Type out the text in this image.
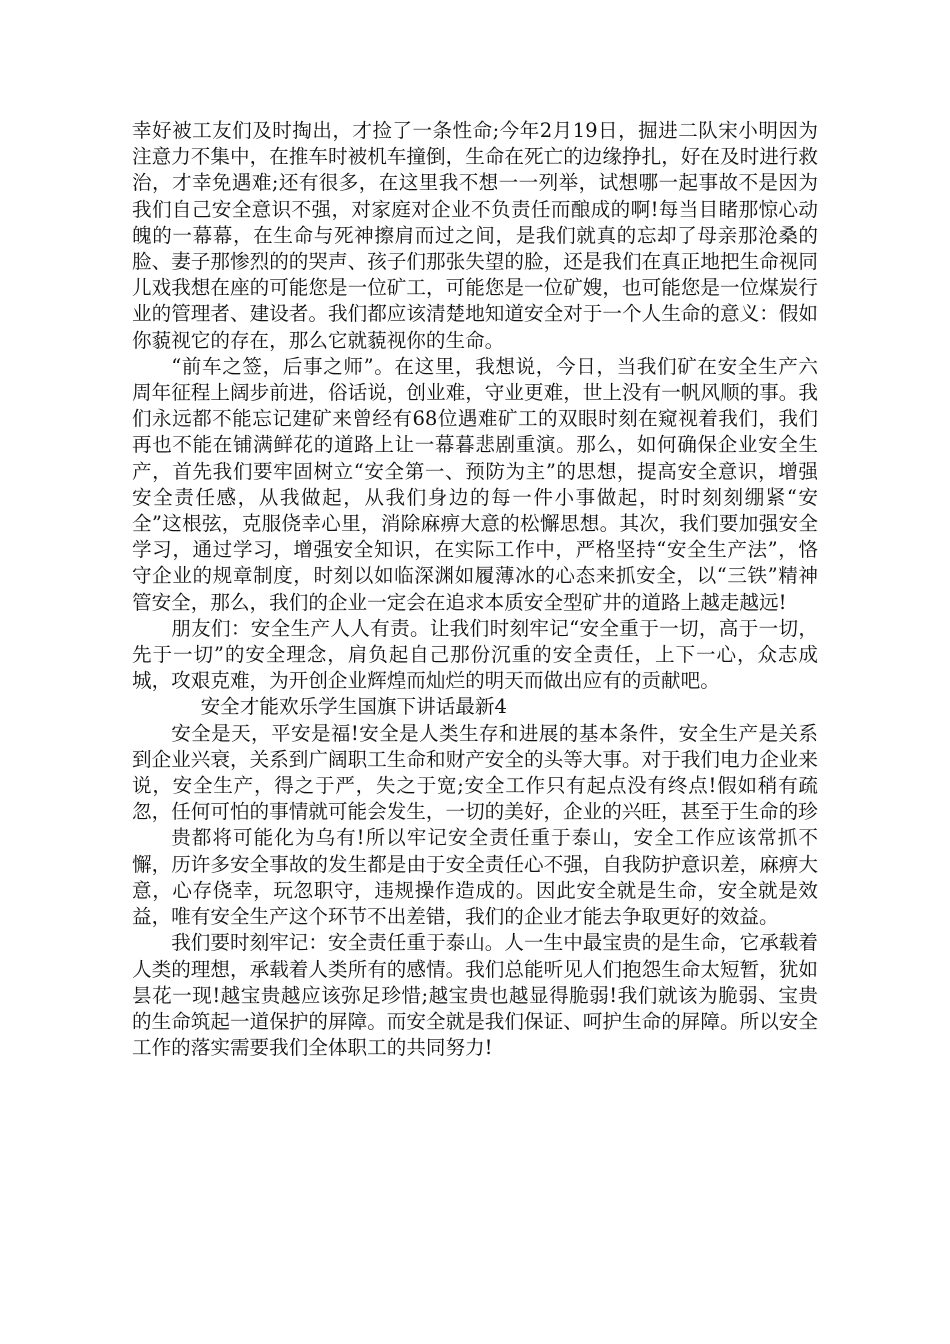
幸好被工友们及时掏出，才捡了一条性命;今年2月19日，掘进二队宋小明因为注意力不集中，在推车时被机车撞倒，生命在死亡的边缘挣扎，好在及时进行救治，才幸免遇难;还有很多，在这里我不想一一列举，试想哪一起事故不是因为我们自己安全意识不强，对家庭对企业不负责任而酿成的啊!每当目睹那惊心动魄的一幕幕，在生命与死神擦肩而过之间，是我们就真的忘却了母亲那沧桑的脸、妻子那惨烈的的哭声、孩子们那张失望的脸，还是我们在真正地把生命视同儿戏我想在座的可能您是一位矿工，可能您是一位矿嫂，也可能您是一位煤炭行业的管理者、建设者。我们都应该清楚地知道安全对于一个人生命的意义：假如你藐视它的存在，那么它就藐视你的生命。

“前车之签，后事之师”。在这里，我想说，今日，当我们矿在安全生产六周年征程上阔步前进，俗话说，创业难，守业更难，世上没有一帆风顺的事。我们永远都不能忘记建矿来曾经有68位遇难矿工的双眼时刻在窥视着我们，我们再也不能在铺满鲜花的道路上让一幕暮悲剧重演。那么，如何确保企业安全生产，首先我们要牢固树立“安全第一、预防为主”的思想，提高安全意识，增强安全责任感，从我做起，从我们身边的每一件小事做起，时时刻刻绷紧“安全”这根弦，克服侥幸心里，消除麻痹大意的松懈思想。其次，我们要加强安全学习，通过学习，增强安全知识，在实际工作中，严格坚持“安全生产法”，恪守企业的规章制度，时刻以如临深渊如履薄冰的心态来抓安全，以“三铁”精神管安全，那么，我们的企业一定会在追求本质安全型矿井的道路上越走越远!

朋友们：安全生产人人有责。让我们时刻牢记“安全重于一切，高于一切，先于一切”的安全理念，肩负起自己那份沉重的安全责任，上下一心，众志成城，攻艰克难，为开创企业辉煌而灿烂的明天而做出应有的贡献吧。

安全才能欢乐学生国旗下讲话最新4

安全是天，平安是福!安全是人类生存和进展的基本条件，安全生产是关系到企业兴衰，关系到广阔职工生命和财产安全的头等大事。对于我们电力企业来说，安全生产，得之于严，失之于宽;安全工作只有起点没有终点!假如稍有疏忽，任何可怕的事情就可能会发生，一切的美好，企业的兴旺，甚至于生命的珍

贵都将可能化为乌有!所以牢记安全责任重于泰山，安全工作应该常抓不懈，历许多安全事故的发生都是由于安全责任心不强，自我防护意识差，麻痹大意，心存侥幸，玩忽职守，违规操作造成的。因此安全就是生命，安全就是效益，唯有安全生产这个环节不出差错，我们的企业才能去争取更好的效益。

我们要时刻牢记：安全责任重于泰山。人一生中最宝贵的是生命，它承载着人类的理想，承载着人类所有的感情。我们总能听见人们抱怨生命太短暂，犹如昙花一现!越宝贵越应该弥足珍惜;越宝贵也越显得脆弱!我们就该为脆弱、宝贵的生命筑起一道保护的屏障。而安全就是我们保证、呵护生命的屏障。所以安全工作的落实需要我们全体职工的共同努力!
